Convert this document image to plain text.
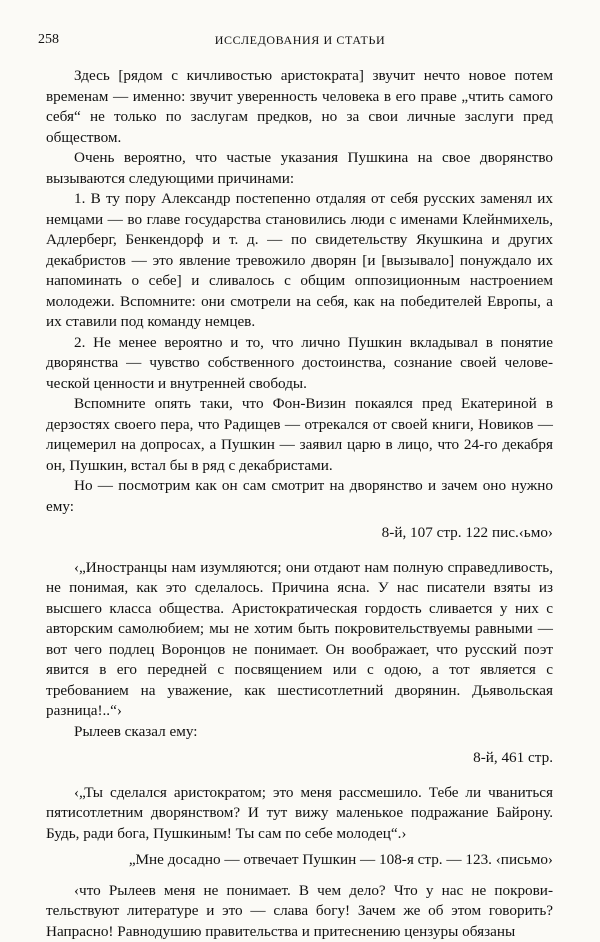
258	ИССЛЕДОВАНИЯ И СТАТЬИ

Здесь [рядом с кичливостью аристократа] звучит нечто новое потем временам — именно: звучит уверенность человека в его праве „чтить самого себя“ не только по заслугам предков, но за свои личные заслуги пред обществом.

Очень вероятно, что частые указания Пушкина на свое дворянство вызываются следующими причинами:

1. В ту пору Александр постепенно отдаляя от себя русских заменял их немцами — во главе государства становились люди с именами Клейнмихель, Адлерберг, Бенкендорф и т. д. — по свидетельству Якушкина и других декабристов — это явление тревожило дворян [и [вызывало] понуждало их напоминать о себе] и сливалось с общим оппозиционным настроением молодежи. Вспомните: они смотрели на себя, как на победителей Европы, а их ставили под команду немцев.

2. Не менее вероятно и то, что лично Пушкин вкладывал в понятие дворянства — чувство собственного достоинства, сознание своей человеческой ценности и внутренней свободы.

Вспомните опять таки, что Фон-Визин покаялся пред Екатериной в дерзостях своего пера, что Радищев — отрекался от своей книги, Новиков — лицемерил на допросах, а Пушкин — заявил царю в лицо, что 24-го декабря он, Пушкин, встал бы в ряд с декабристами.

Но — посмотрим как он сам смотрит на дворянство и зачем оно нужно ему:

8-й, 107 стр. 122 пис.‹ьмо›

‹„Иностранцы нам изумляются; они отдают нам полную справедливость, не понимая, как это сделалось. Причина ясна. У нас писатели взяты из высшего класса общества. Аристократическая гордость сливается у них с авторским самолюбием; мы не хотим быть покровительствуемы равными — вот чего подлец Воронцов не понимает. Он воображает, что русский поэт явится в его передней с посвящением или с одою, а тот является с требованием на уважение, как шестисотлетний дворянин. Дьявольская разница!..“›

Рылеев сказал ему:

8-й, 461 стр.

‹„Ты сделался аристократом; это меня рассмешило. Тебе ли чваниться пятисотлетним дворянством? И тут вижу маленькое подражание Байрону. Будь, ради бога, Пушкиным! Ты сам по себе молодец“.›

„Мне досадно — отвечает Пушкин — 108-я стр. — 123. ‹письмо›

‹что Рылеев меня не понимает. В чем дело? Что у нас не покровительствуют литературе и это — слава богу! Зачем же об этом говорить? Напрасно! Равнодушию правительства и притеснению цензуры обязаны
